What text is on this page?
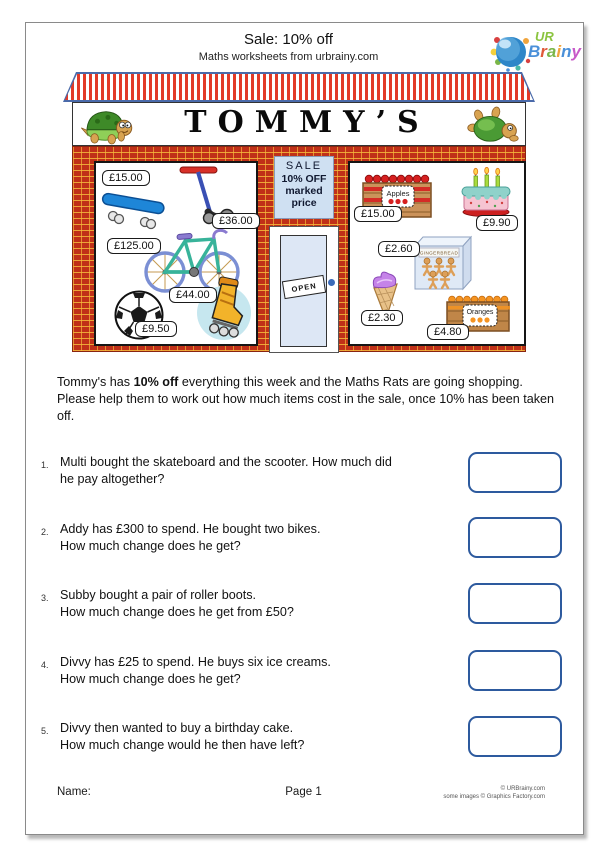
Sale: 10% off
Maths worksheets from urbrainy.com
UR
Brainy
TOMMY’S
£15.00
£36.00
£125.00
£44.00
£9.50
SALE
10% OFF
marked
price
OPEN
Apples
£15.00
£9.90
£2.60	GINGERBREAD
£2.30	Oranges
£4.80
Tommy's has 10% off everything this week and the Maths Rats are going shopping. Please help them to work out how much items cost in the sale, once 10% has been taken off.
1. Multi bought the skateboard and the scooter. How much did
he pay altogether?
2. Addy has £300 to spend. He bought two bikes.
How much change does he get?
3. Subby bought a pair of roller boots.
How much change does he get from £50?
4. Divvy has £25 to spend. He buys six ice creams.
How much change does he get?
5. Divvy then wanted to buy a birthday cake.
How much change would he then have left?
Name:	Page 1	© URBrainy.com
some images © Graphics Factory.com
